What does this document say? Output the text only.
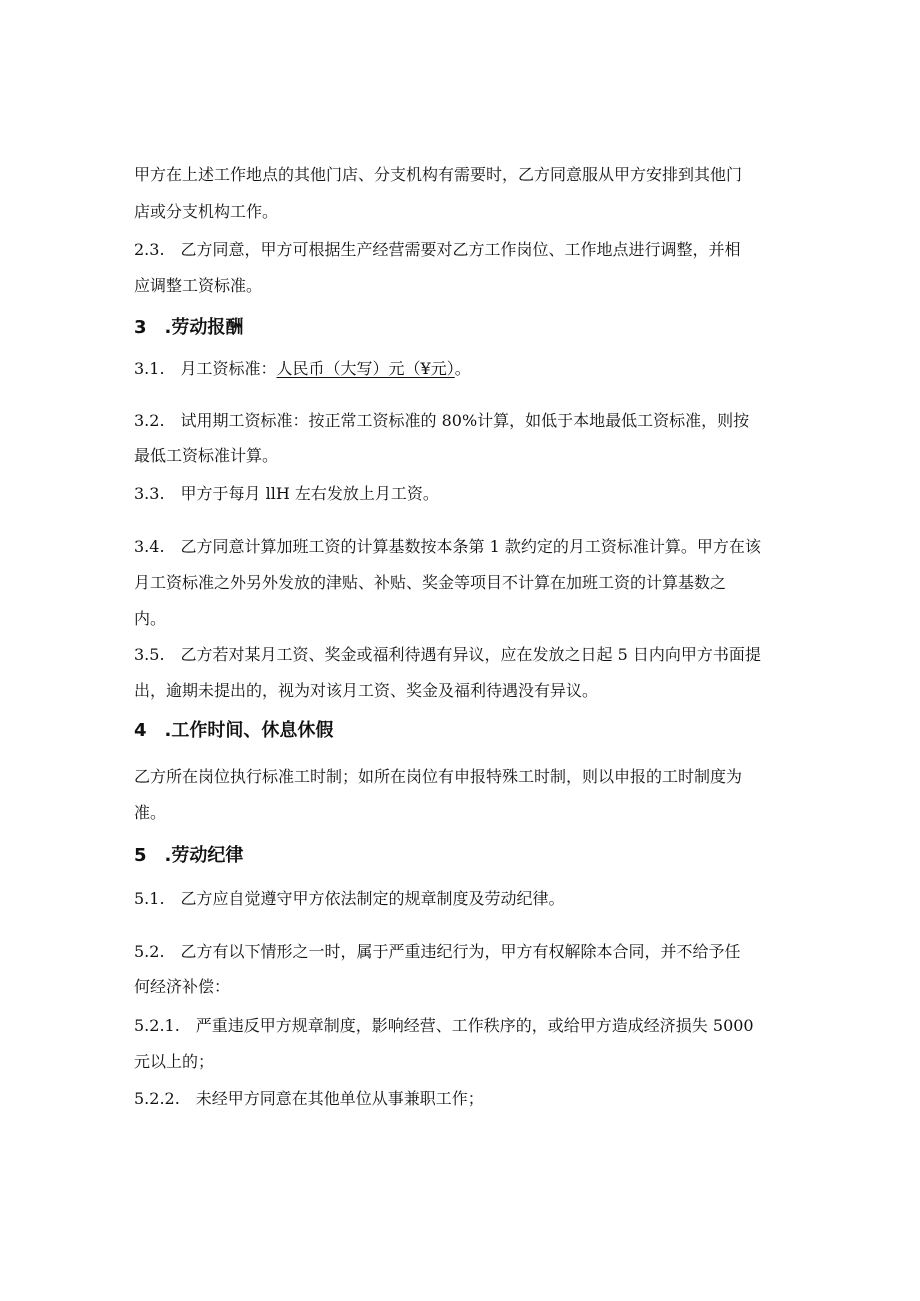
甲方在上述工作地点的其他门店、分支机构有需要时，乙方同意服从甲方安排到其他门
店或分支机构工作。
2.3.　乙方同意，甲方可根据生产经营需要对乙方工作岗位、工作地点进行调整，并相
应调整工资标准。
3　.劳动报酬
3.1.　月工资标准：人民币（大写）元（¥元）。
3.2.　试用期工资标准：按正常工资标准的 80%计算，如低于本地最低工资标准，则按
最低工资标准计算。
3.3.　甲方于每月 llH 左右发放上月工资。
3.4.　乙方同意计算加班工资的计算基数按本条第 1 款约定的月工资标准计算。甲方在该
月工资标准之外另外发放的津贴、补贴、奖金等项目不计算在加班工资的计算基数之
内。
3.5.　乙方若对某月工资、奖金或福利待遇有异议，应在发放之日起 5 日内向甲方书面提
出，逾期未提出的，视为对该月工资、奖金及福利待遇没有异议。
4　.工作时间、休息休假
乙方所在岗位执行标准工时制；如所在岗位有申报特殊工时制，则以申报的工时制度为
准。
5　.劳动纪律
5.1.　乙方应自觉遵守甲方依法制定的规章制度及劳动纪律。
5.2.　乙方有以下情形之一时，属于严重违纪行为，甲方有权解除本合同，并不给予任
何经济补偿：
5.2.1.　严重违反甲方规章制度，影响经营、工作秩序的，或给甲方造成经济损失 5000
元以上的；
5.2.2.　未经甲方同意在其他单位从事兼职工作；
